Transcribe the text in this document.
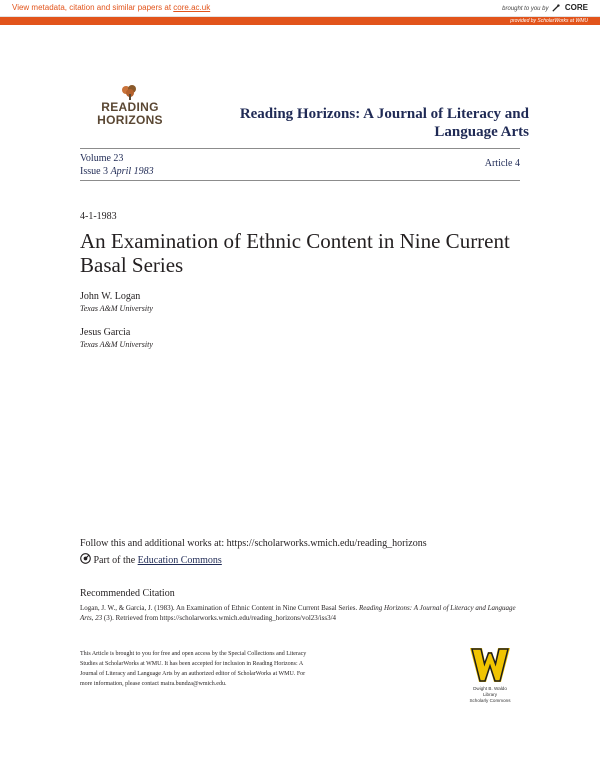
View metadata, citation and similar papers at core.ac.uk	brought to you by CORE
provided by ScholarWorks at WMU
READING
HORIZONS	Reading Horizons: A Journal of Literacy and Language Arts
Volume 23
Issue 3 April 1983
Article 4
4-1-1983
An Examination of Ethnic Content in Nine Current Basal Series
John W. Logan
Texas A&M University
Jesus Garcia
Texas A&M University
Follow this and additional works at: https://scholarworks.wmich.edu/reading_horizons
Part of the Education Commons
Recommended Citation
Logan, J. W., & Garcia, J. (1983). An Examination of Ethnic Content in Nine Current Basal Series. Reading Horizons: A Journal of Literacy and Language Arts, 23 (3). Retrieved from https://scholarworks.wmich.edu/reading_horizons/vol23/iss3/4
This Article is brought to you for free and open access by the Special Collections and Literacy Studies at ScholarWorks at WMU. It has been accepted for inclusion in Reading Horizons: A Journal of Literacy and Language Arts by an authorized editor of ScholarWorks at WMU. For more information, please contact maira.bundza@wmich.edu.
Dwight B. Waldo
Library
Scholarly Commons
